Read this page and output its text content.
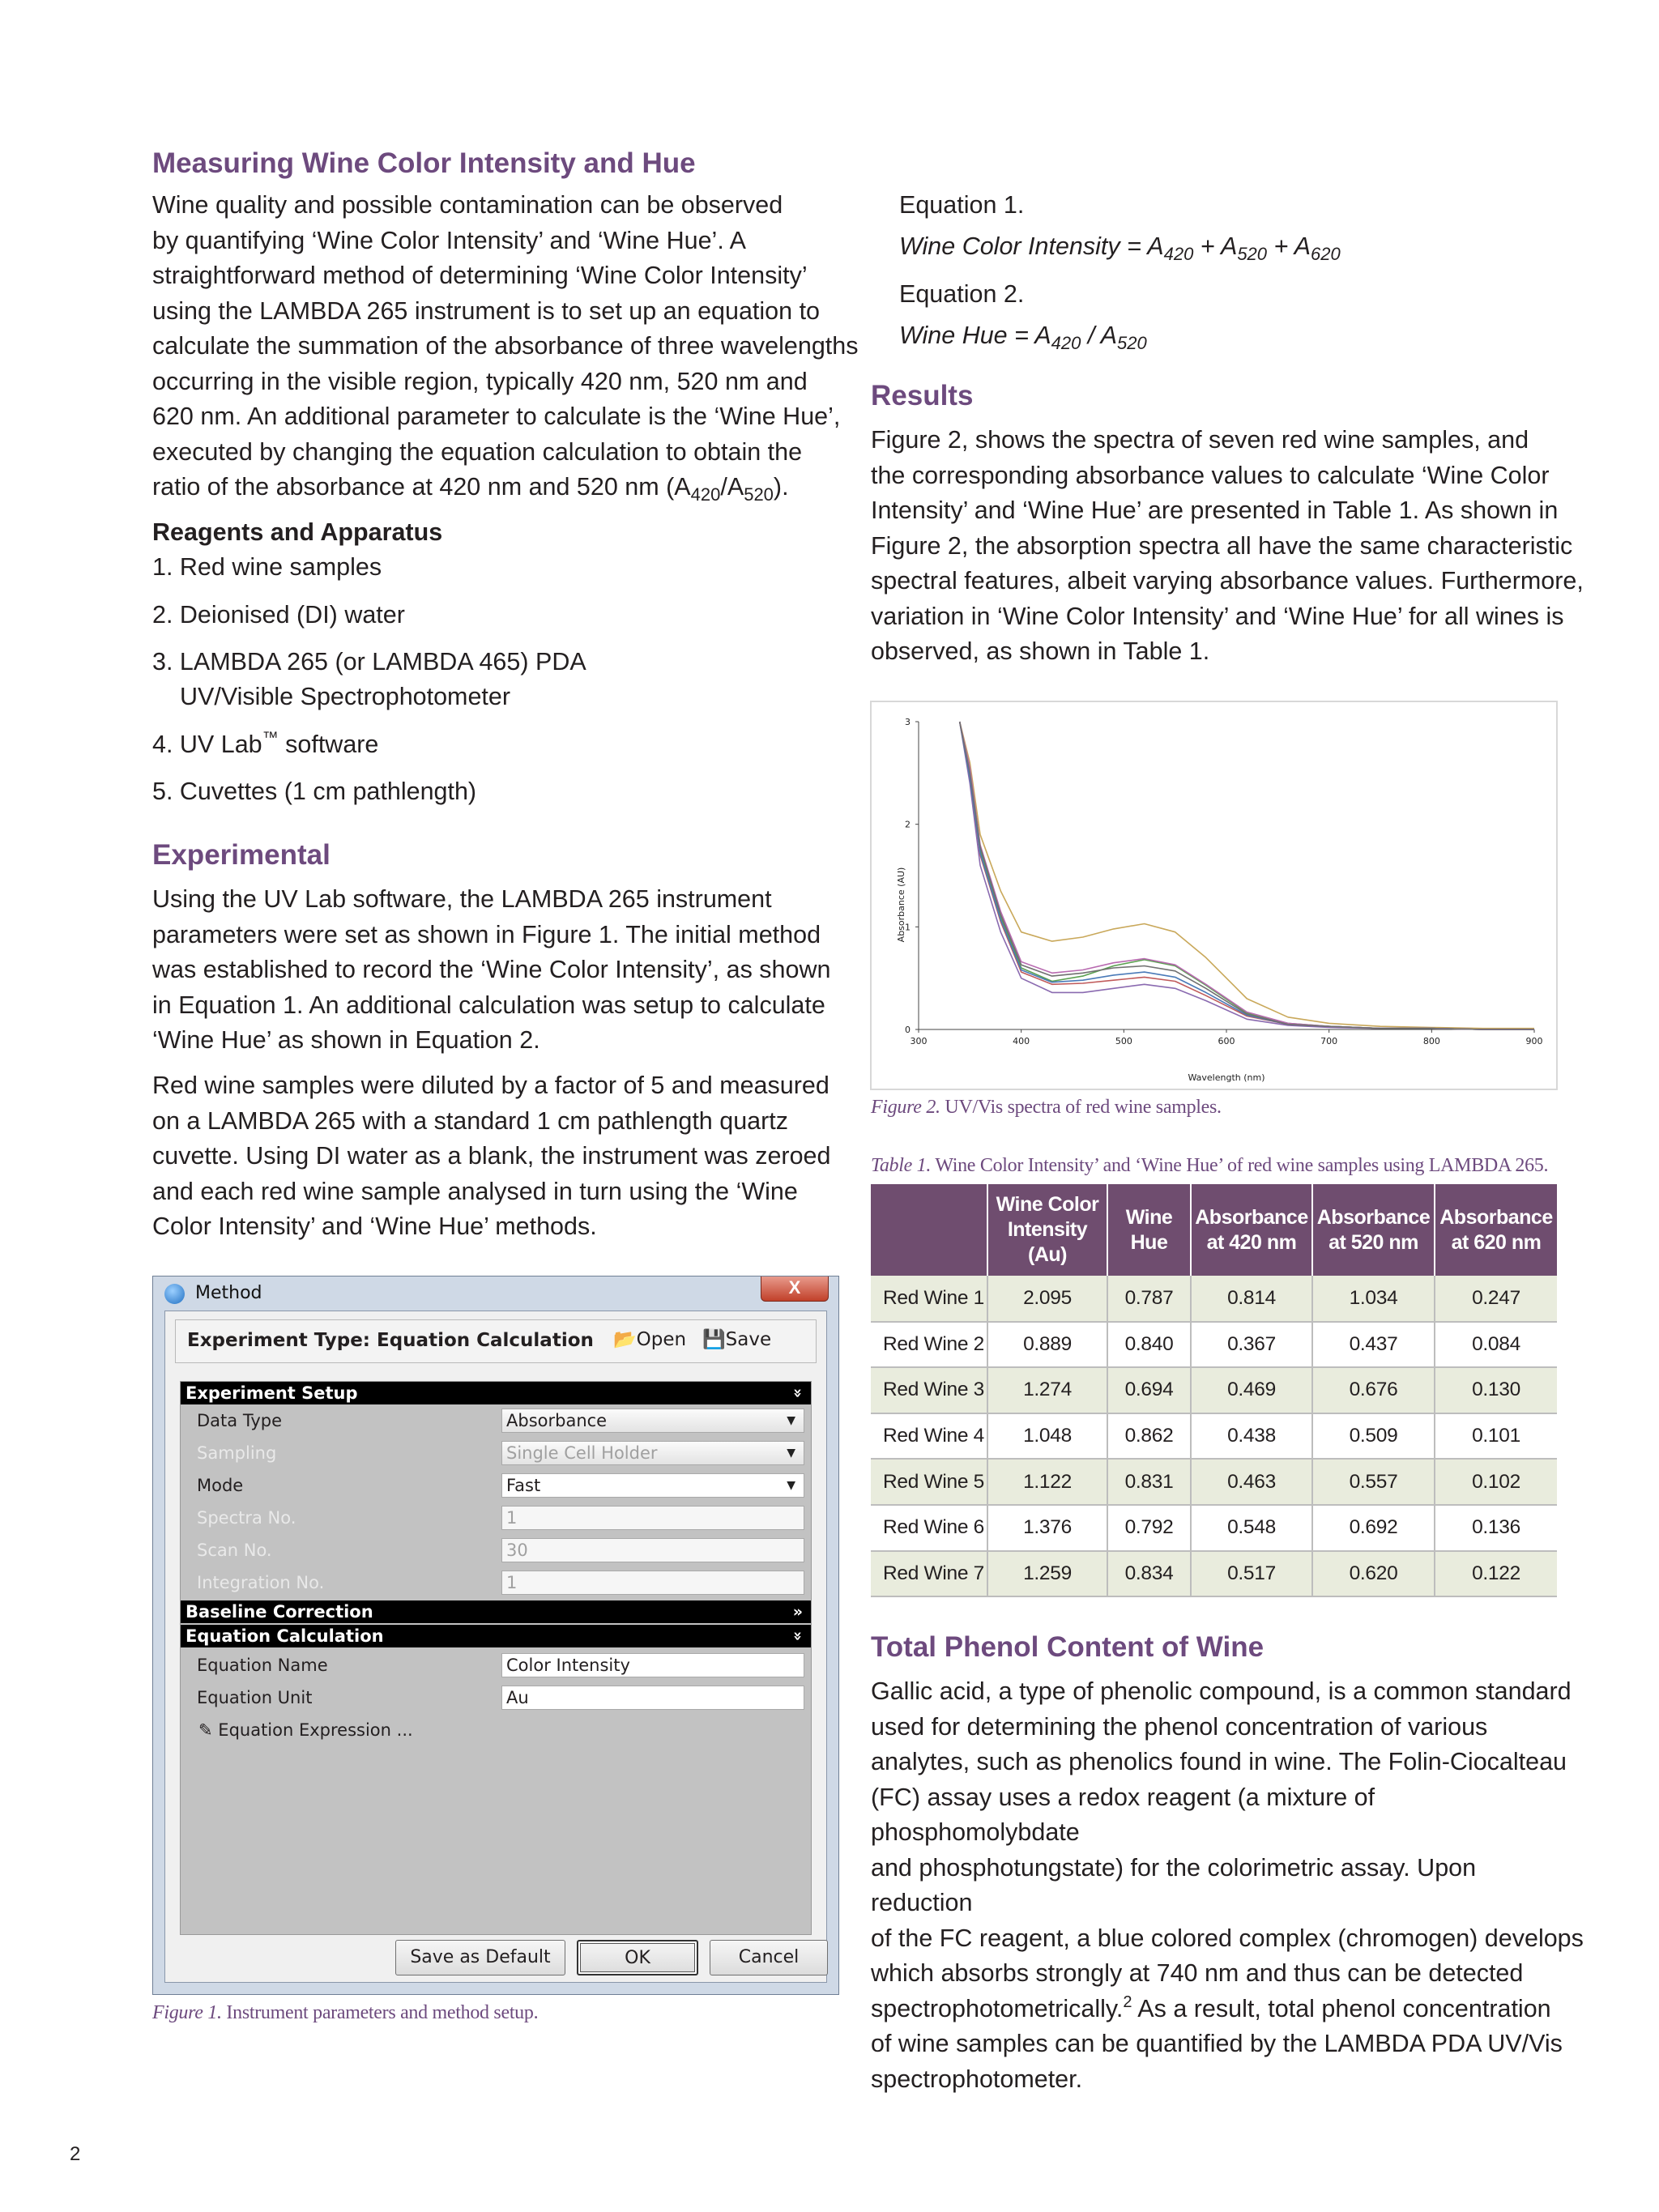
Measuring Wine Color Intensity and Hue
Wine quality and possible contamination can be observed
by quantifying ‘Wine Color Intensity’ and ‘Wine Hue’. A
straightforward method of determining ‘Wine Color Intensity’
using the LAMBDA 265 instrument is to set up an equation to
calculate the summation of the absorbance of three wavelengths
occurring in the visible region, typically 420 nm, 520 nm and
620 nm. An additional parameter to calculate is the ‘Wine Hue’,
executed by changing the equation calculation to obtain the
ratio of the absorbance at 420 nm and 520 nm $(A_{420}/A_{520})$.
Reagents and Apparatus
1. Red wine samples
2. Deionised (DI) water
3. LAMBDA 265 (or LAMBDA 465) PDA
UV/Visible Spectrophotometer
4. UV Lab™ software
5. Cuvettes (1 cm pathlength)
Experimental
Using the UV Lab software, the LAMBDA 265 instrument
parameters were set as shown in Figure 1. The initial method
was established to record the ‘Wine Color Intensity’, as shown
in Equation 1. An additional calculation was setup to calculate
‘Wine Hue’ as shown in Equation 2.
Red wine samples were diluted by a factor of 5 and measured
on a LAMBDA 265 with a standard 1 cm pathlength quartz
cuvette. Using DI water as a blank, the instrument was zeroed
and each red wine sample analysed in turn using the ‘Wine
Color Intensity’ and ‘Wine Hue’ methods.
Method	X
Experiment Type: Equation Calculation 📂Open 💾Save
Experiment Setup	»
Data Type	Absorbance	▼
Sampling	Single Cell Holder	▼
Mode	Fast	▼
Spectra No.	1
Scan No.	30
Integration No.	1
Baseline Correction	»
Equation Calculation	»
Equation Name	Color Intensity
Equation Unit	Au
✎ Equation Expression ...
Save as Default	OK	Cancel

Figure 1. Instrument parameters and method setup.

2
Equation 1.
Wine Color Intensity = $A_{420} + A_{520} + A_{620}$
Equation 2.
Wine Hue = $A_{420} / A_{520}$
Results
Figure 2, shows the spectra of seven red wine samples, and
the corresponding absorbance values to calculate ‘Wine Color
Intensity’ and ‘Wine Hue’ are presented in Table 1. As shown in
Figure 2, the absorption spectra all have the same characteristic
spectral features, albeit varying absorbance values. Furthermore,
variation in ‘Wine Color Intensity’ and ‘Wine Hue’ for all wines is
observed, as shown in Table 1.
Absorbance (AU)
Wavelength (nm)
300	400	500	600	700	800	900
0
1
2
3

Figure 2. UV/Vis spectra of red wine samples.

Table 1. Wine Color Intensity’ and ‘Wine Hue’ of red wine samples using LAMBDA 265.

	Wine Color Intensity (Au)	Wine Hue	Absorbance at 420 nm	Absorbance at 520 nm	Absorbance at 620 nm
Red Wine 1	2.095	0.787	0.814	1.034	0.247
Red Wine 2	0.889	0.840	0.367	0.437	0.084
Red Wine 3	1.274	0.694	0.469	0.676	0.130
Red Wine 4	1.048	0.862	0.438	0.509	0.101
Red Wine 5	1.122	0.831	0.463	0.557	0.102
Red Wine 6	1.376	0.792	0.548	0.692	0.136
Red Wine 7	1.259	0.834	0.517	0.620	0.122
Total Phenol Content of Wine
Gallic acid, a type of phenolic compound, is a common standard
used for determining the phenol concentration of various
analytes, such as phenolics found in wine. The Folin-Ciocalteau
(FC) assay uses a redox reagent (a mixture of phosphomolybdate
and phosphotungstate) for the colorimetric assay. Upon reduction
of the FC reagent, a blue colored complex (chromogen) develops
which absorbs strongly at 740 nm and thus can be detected
spectrophotometrically.$^2$ As a result, total phenol concentration
of wine samples can be quantified by the LAMBDA PDA UV/Vis
spectrophotometer.
